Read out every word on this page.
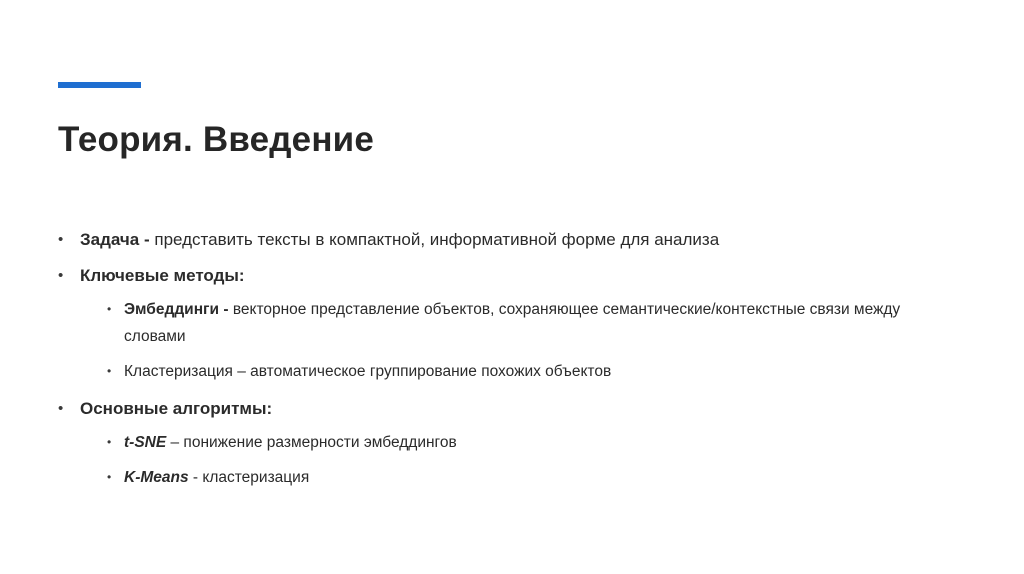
Теория. Введение
• Задача - представить тексты в компактной, информативной форме для анализа
• Ключевые методы:
• Эмбеддинги - векторное представление объектов, сохраняющее семантические/контекстные связи между словами
• Кластеризация – автоматическое группирование похожих объектов
• Основные алгоритмы:
• t-SNE – понижение размерности эмбеддингов
• K-Means - кластеризация
